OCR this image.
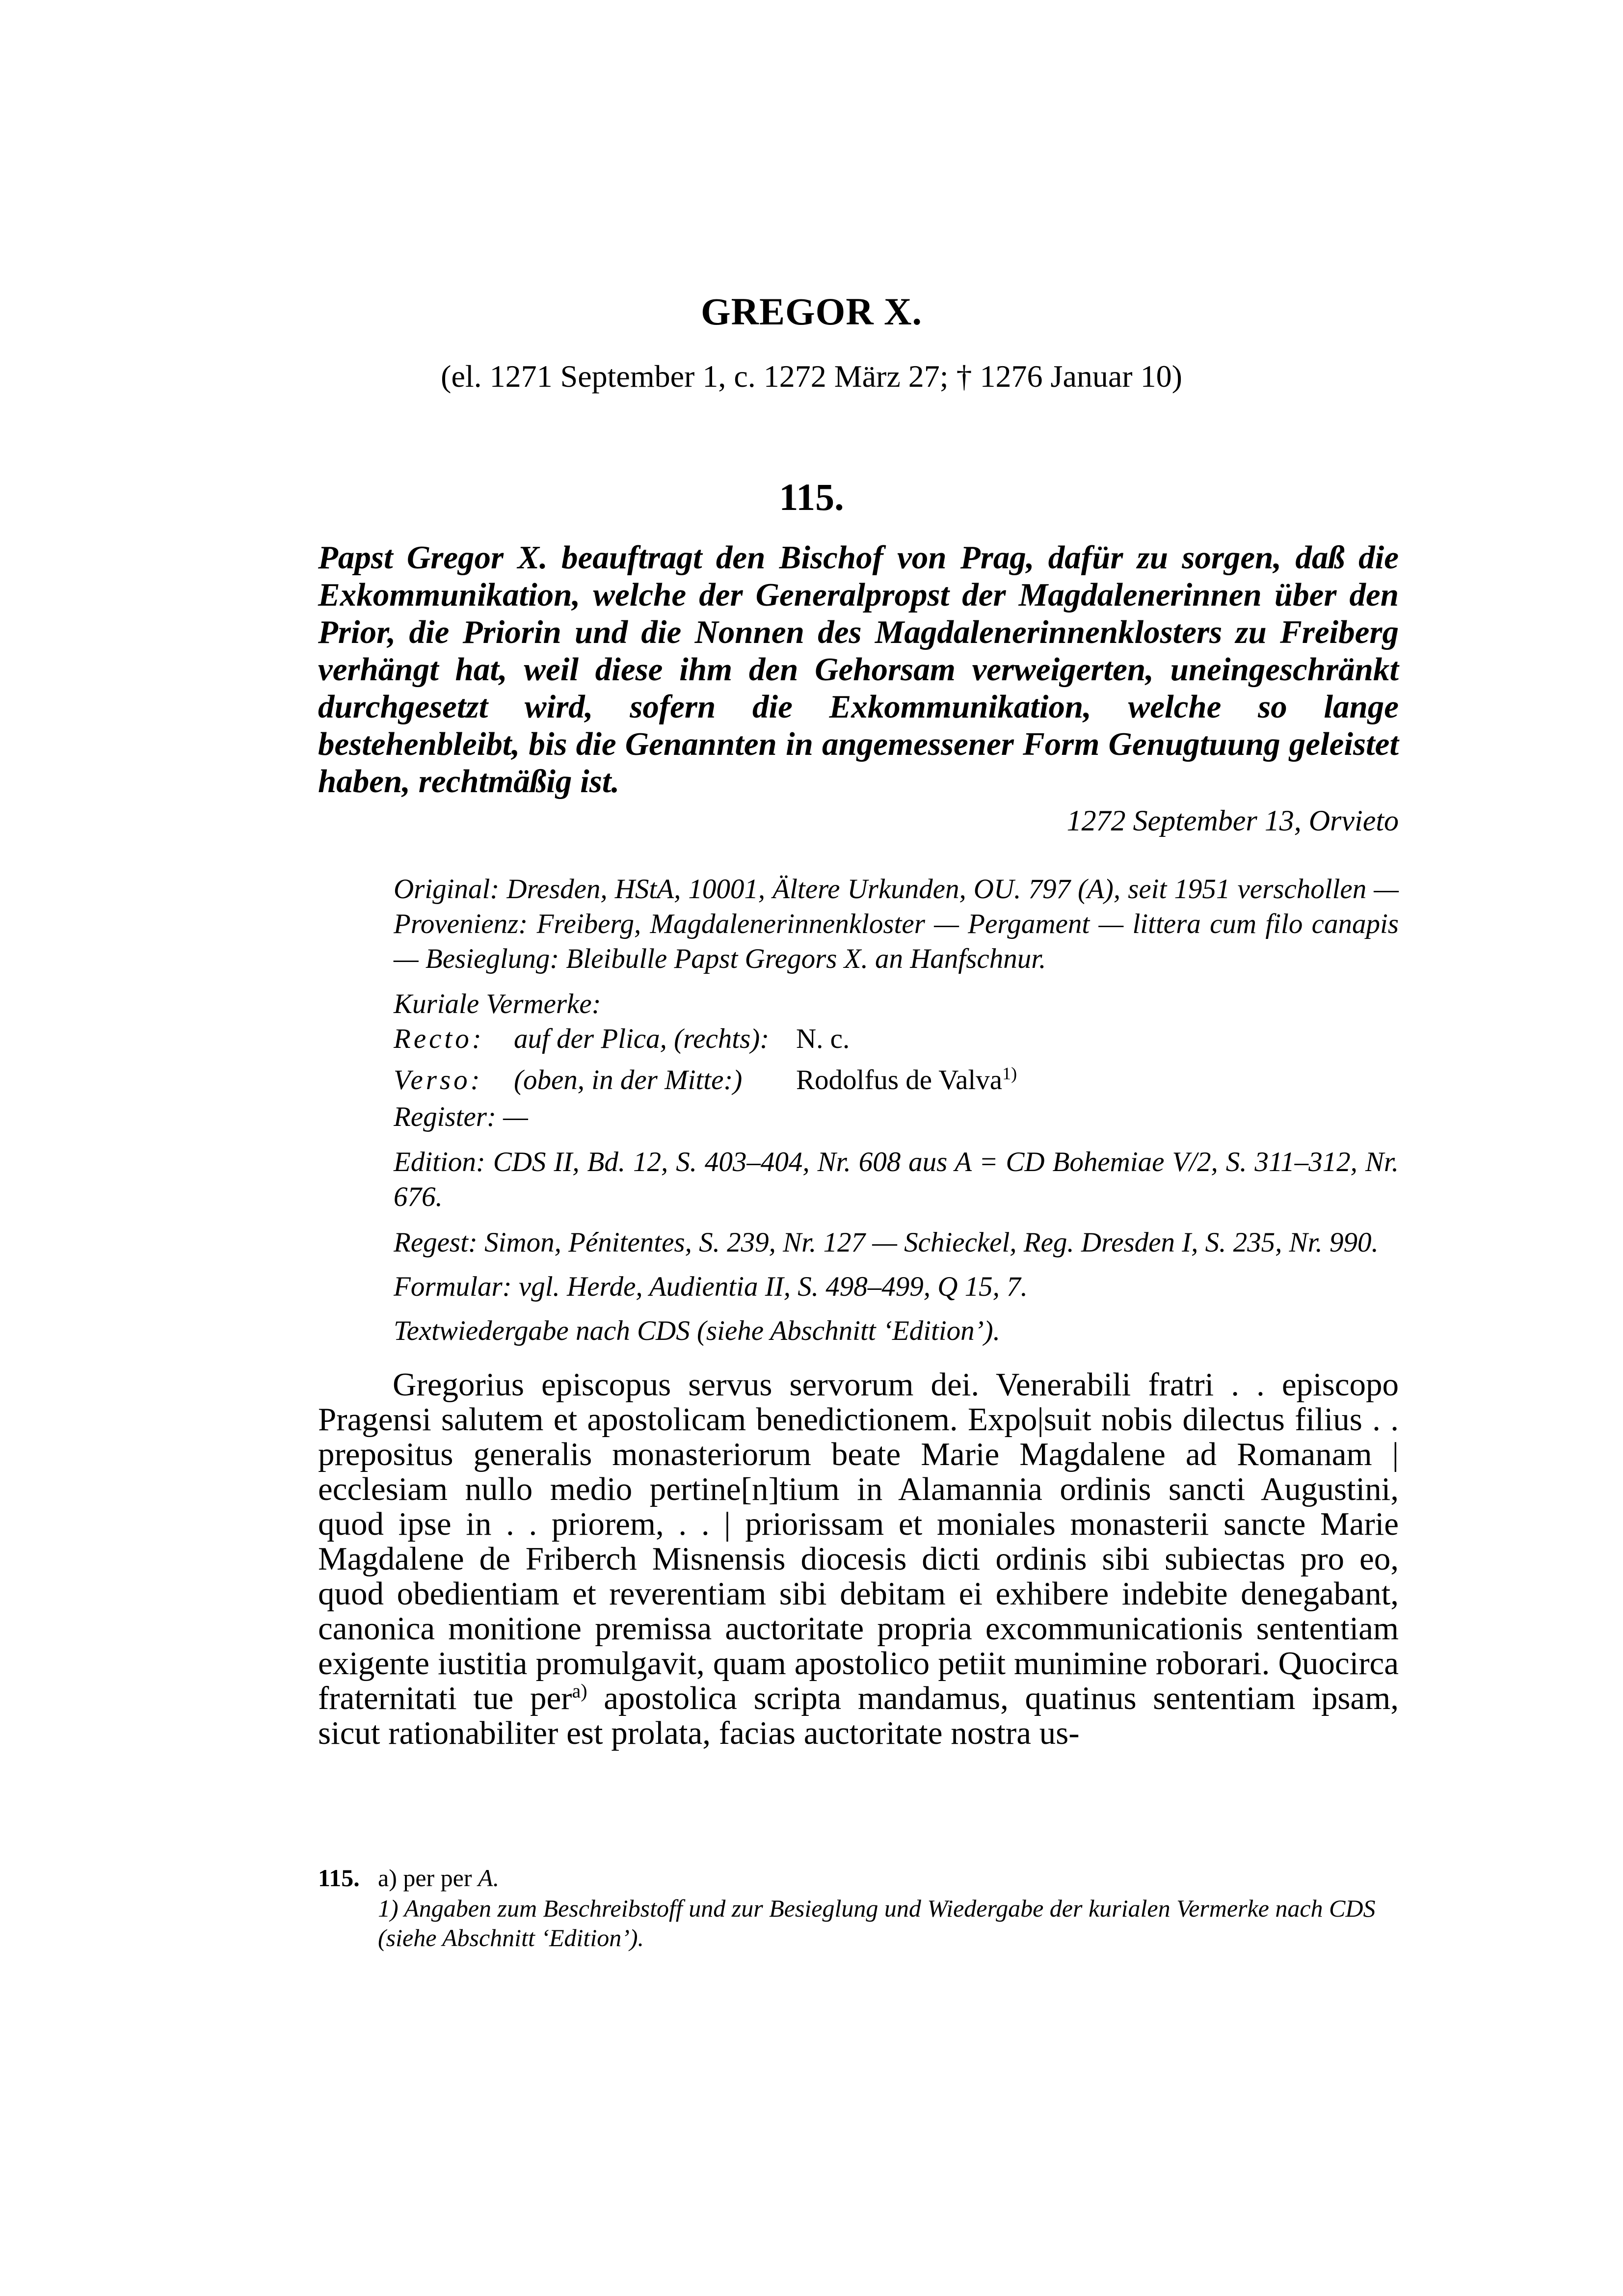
GREGOR X.
(el. 1271 September 1, c. 1272 März 27; † 1276 Januar 10)
115.
Papst Gregor X. beauftragt den Bischof von Prag, dafür zu sorgen, daß die Exkommunikation, welche der Generalpropst der Magdalenerinnen über den Prior, die Priorin und die Nonnen des Magdalenerinnenklosters zu Freiberg verhängt hat, weil diese ihm den Gehorsam verweigerten, uneingeschränkt durchgesetzt wird, sofern die Exkommunikation, welche so lange bestehenbleibt, bis die Genannten in angemessener Form Genugtuung geleistet haben, rechtmäßig ist.
1272 September 13, Orvieto

Original: Dresden, HStA, 10001, Ältere Urkunden, OU. 797 (A), seit 1951 verschollen — Provenienz: Freiberg, Magdalenerinnenkloster — Pergament — littera cum filo canapis — Besieglung: Bleibulle Papst Gregors X. an Hanfschnur.

Kuriale Vermerke:
Recto: auf der Plica, (rechts): N. c.
Verso: (oben, in der Mitte:) Rodolfus de Valva$^{1)}$
Register: —
Edition: CDS II, Bd. 12, S. 403–404, Nr. 608 aus A = CD Bohemiae V/2, S. 311–312, Nr. 676.
Regest: Simon, Pénitentes, S. 239, Nr. 127 — Schieckel, Reg. Dresden I, S. 235, Nr. 990.
Formular: vgl. Herde, Audientia II, S. 498–499, Q 15, 7.
Textwiedergabe nach CDS (siehe Abschnitt ‘Edition’).
Gregorius episcopus servus servorum dei. Venerabili fratri . . episcopo Pragensi salutem et apostolicam benedictionem. Expo|suit nobis dilectus filius . . prepositus generalis monasteriorum beate Marie Magdalene ad Romanam | ecclesiam nullo medio pertine[n]tium in Alamannia ordinis sancti Augustini, quod ipse in . . priorem, . . | priorissam et moniales monasterii sancte Marie Magdalene de Friberch Misnensis diocesis dicti ordinis sibi subiectas pro eo, quod obedientiam et reverentiam sibi debitam ei exhibere indebite denegabant, canonica monitione premissa auctoritate propria excommunicationis sententiam exigente iustitia promulgavit, quam apostolico petiit munimine roborari. Quocirca fraternitati tue per$^{a)}$ apostolica scripta mandamus, quatinus sententiam ipsam, sicut rationabiliter est prolata, facias auctoritate nostra us-
115. a) per per A.
1) Angaben zum Beschreibstoff und zur Besieglung und Wiedergabe der kurialen Vermerke nach CDS (siehe Abschnitt ‘Edition’).
